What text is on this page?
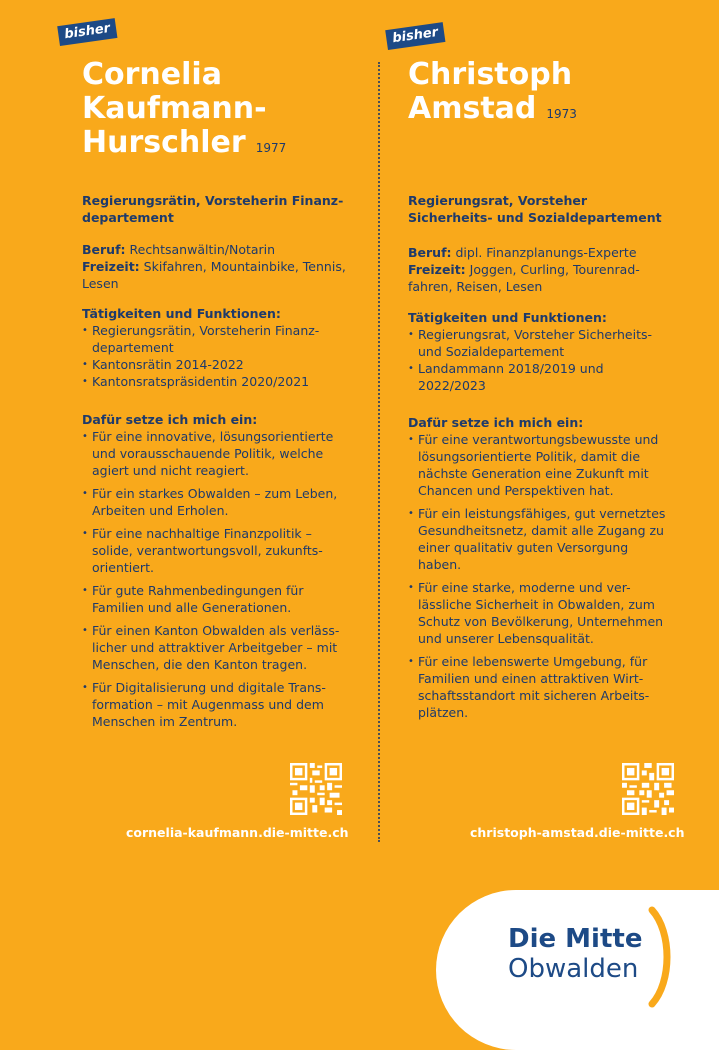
bisher
Cornelia
Kaufmann-
Hurschler 1977
Regierungsrätin, Vorsteherin Finanz-departement
Beruf: Rechtsanwältin/Notarin
Freizeit: Skifahren, Mountainbike, Tennis, Lesen
Tätigkeiten und Funktionen:
• Regierungsrätin, Vorsteherin Finanz-departement
• Kantonsrätin 2014-2022
• Kantonsratspräsidentin 2020/2021
Dafür setze ich mich ein:
• Für eine innovative, lösungsorientierte und vorausschauende Politik, welche agiert und nicht reagiert.
• Für ein starkes Obwalden – zum Leben, Arbeiten und Erholen.
• Für eine nachhaltige Finanzpolitik – solide, verantwortungsvoll, zukunfts-orientiert.
• Für gute Rahmenbedingungen für Familien und alle Generationen.
• Für einen Kanton Obwalden als verläss-licher und attraktiver Arbeitgeber – mit Menschen, die den Kanton tragen.
• Für Digitalisierung und digitale Trans-formation – mit Augenmass und dem Menschen im Zentrum.
cornelia-kaufmann.die-mitte.ch
bisher
Christoph
Amstad 1973
Regierungsrat, Vorsteher Sicherheits- und Sozialdepartement
Beruf: dipl. Finanzplanungs-Experte
Freizeit: Joggen, Curling, Tourenrad-fahren, Reisen, Lesen
Tätigkeiten und Funktionen:
• Regierungsrat, Vorsteher Sicherheits- und Sozialdepartement
• Landammann 2018/2019 und 2022/2023
Dafür setze ich mich ein:
• Für eine verantwortungsbewusste und lösungsorientierte Politik, damit die nächste Generation eine Zukunft mit Chancen und Perspektiven hat.
• Für ein leistungsfähiges, gut vernetztes Gesundheitsnetz, damit alle Zugang zu einer qualitativ guten Versorgung haben.
• Für eine starke, moderne und ver-lässliche Sicherheit in Obwalden, zum Schutz von Bevölkerung, Unternehmen und unserer Lebensqualität.
• Für eine lebenswerte Umgebung, für Familien und einen attraktiven Wirt-schaftsstandort mit sicheren Arbeits-plätzen.
christoph-amstad.die-mitte.ch
Die Mitte
Obwalden
